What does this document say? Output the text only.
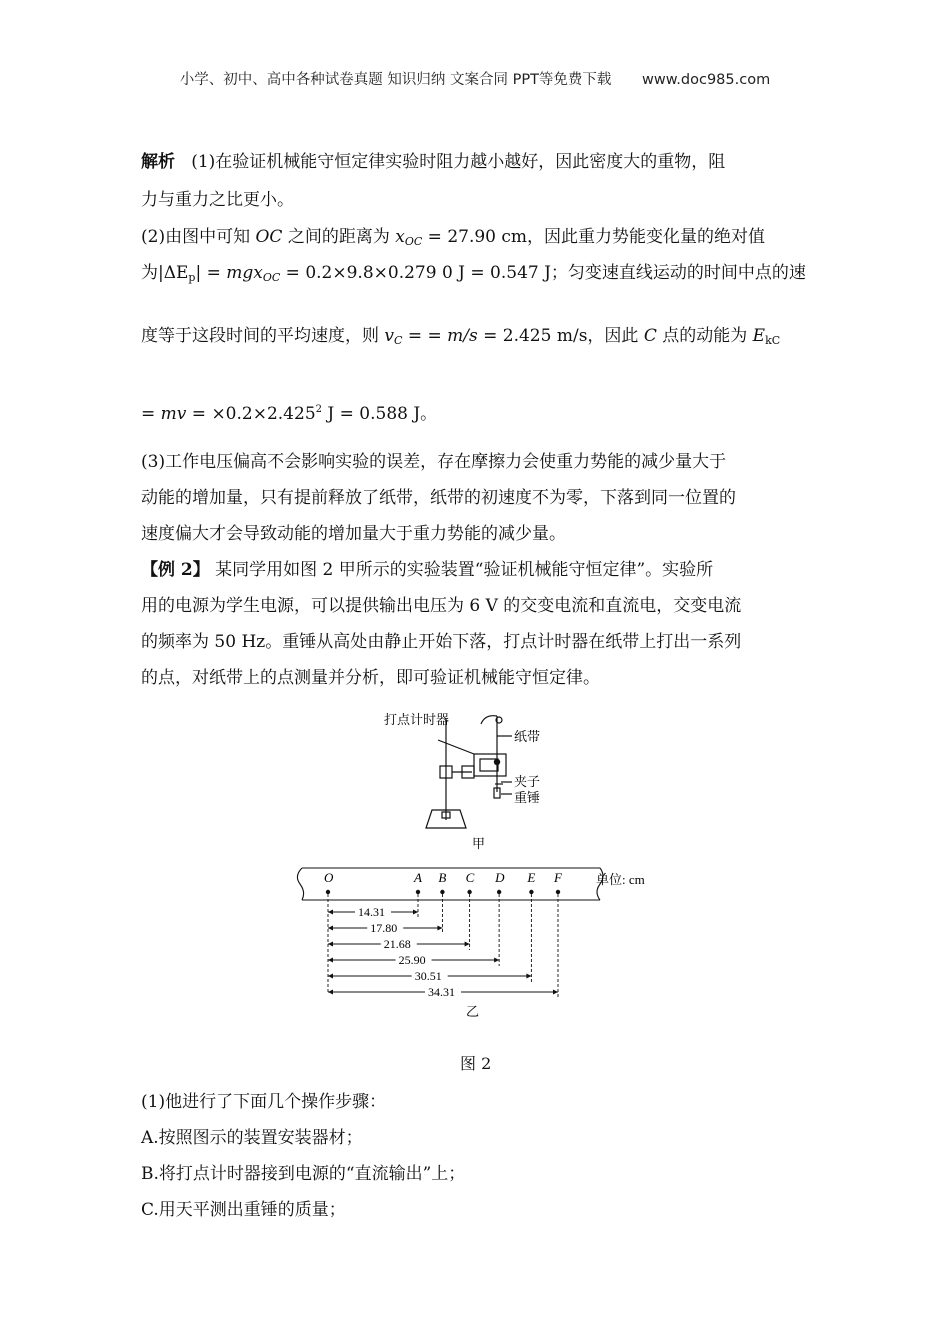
小学、初中、高中各种试卷真题 知识归纳 文案合同 PPT等免费下载 www.doc985.com
解析 (1)在验证机械能守恒定律实验时阻力越小越好，因此密度大的重物，阻
力与重力之比更小。
(2)由图中可知 OC 之间的距离为 $x_{OC} = 27.90$ cm，因此重力势能变化量的绝对值
为$|\Delta E_p| = mgx_{OC} = 0.2\times 9.8\times 0.279$ 0 J = 0.547 J；匀变速直线运动的时间中点的速
度等于这段时间的平均速度，则 $v_C$ = = m/s = 2.425 m/s，因此 C 点的动能为 $E_{kC}$
= mv = $\times 0.2\times 2.425^2$ J = 0.588 J。
(3)工作电压偏高不会影响实验的误差，存在摩擦力会使重力势能的减少量大于
动能的增加量，只有提前释放了纸带，纸带的初速度不为零，下落到同一位置的
速度偏大才会导致动能的增加量大于重力势能的减少量。
【例 2】 某同学用如图 2 甲所示的实验装置“验证机械能守恒定律”。实验所
用的电源为学生电源，可以提供输出电压为 6 V 的交变电流和直流电，交变电流
的频率为 50 Hz。重锤从高处由静止开始下落，打点计时器在纸带上打出一系列
的点，对纸带上的点测量并分析，即可验证机械能守恒定律。
打点计时器
纸带
夹子
重锤
甲
单位: cm
O	A B C D E F
14.31
17.80
21.68
25.90
30.51
34.31
乙
图 2
(1)他进行了下面几个操作步骤：
A.按照图示的装置安装器材；
B.将打点计时器接到电源的“直流输出”上；
C.用天平测出重锤的质量；
